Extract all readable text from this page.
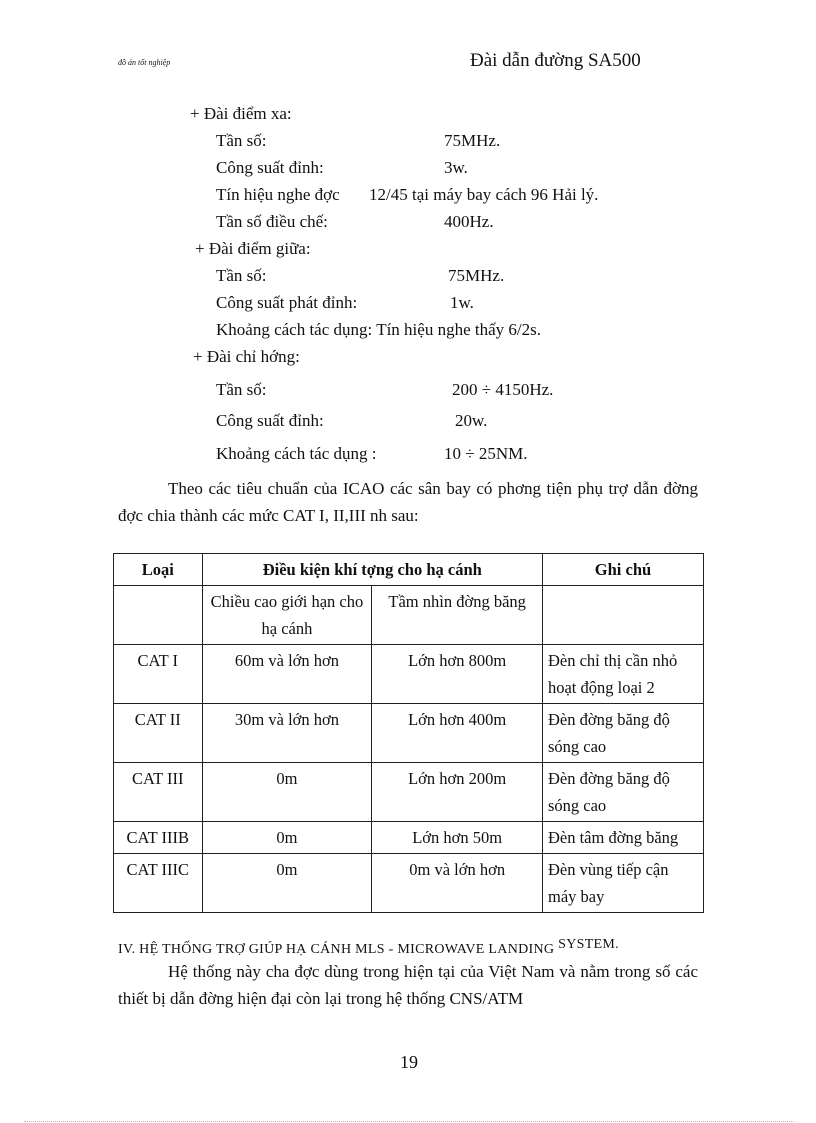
đồ án tốt nghiệp	Đài dẫn đường SA500
+ Đài điểm xa:
Tần số:	75MHz.
Công suất đỉnh:	3w.
Tín hiệu nghe đợc 12/45 tại máy bay cách 96 Hải lý.
Tần số điều chế:	400Hz.
+ Đài điểm giữa:
Tần số:	75MHz.
Công suất phát đỉnh:	1w.
Khoảng cách tác dụng: Tín hiệu nghe thấy 6/2s.
+ Đài chỉ hớng:
Tần số:	200 ÷ 4150Hz.
Công suất đỉnh:	20w.
Khoảng cách tác dụng :	10 ÷ 25NM.
Theo các tiêu chuẩn của ICAO các sân bay có phơng tiện phụ trợ dẫn đờng đợc chia thành các mức CAT I, II,III nh sau:
Loại	Điều kiện khí tợng cho hạ cánh		Ghi chú
	Chiều cao giới hạn cho hạ cánh	Tầm nhìn đờng băng	
CAT I	60m và lớn hơn	Lớn hơn 800m	Đèn chỉ thị cần nhỏ hoạt động loại 2
CAT II	30m và lớn hơn	Lớn hơn 400m	Đèn đờng băng độ sóng cao
CAT III	0m	Lớn hơn 200m	Đèn đờng băng độ sóng cao
CAT IIIB	0m	Lớn hơn 50m	Đèn tâm đờng băng
CAT IIIC	0m	0m và lớn hơn	Đèn vùng tiếp cận máy bay
IV. HỆ THỐNG TRỢ GIÚP HẠ CÁNH MLS - MICROWAVE LANDING SYSTEM.
Hệ thống này cha đợc dùng trong hiện tại của Việt Nam và nằm trong số các thiết bị dẫn đờng hiện đại còn lại trong hệ thống CNS/ATM
19
